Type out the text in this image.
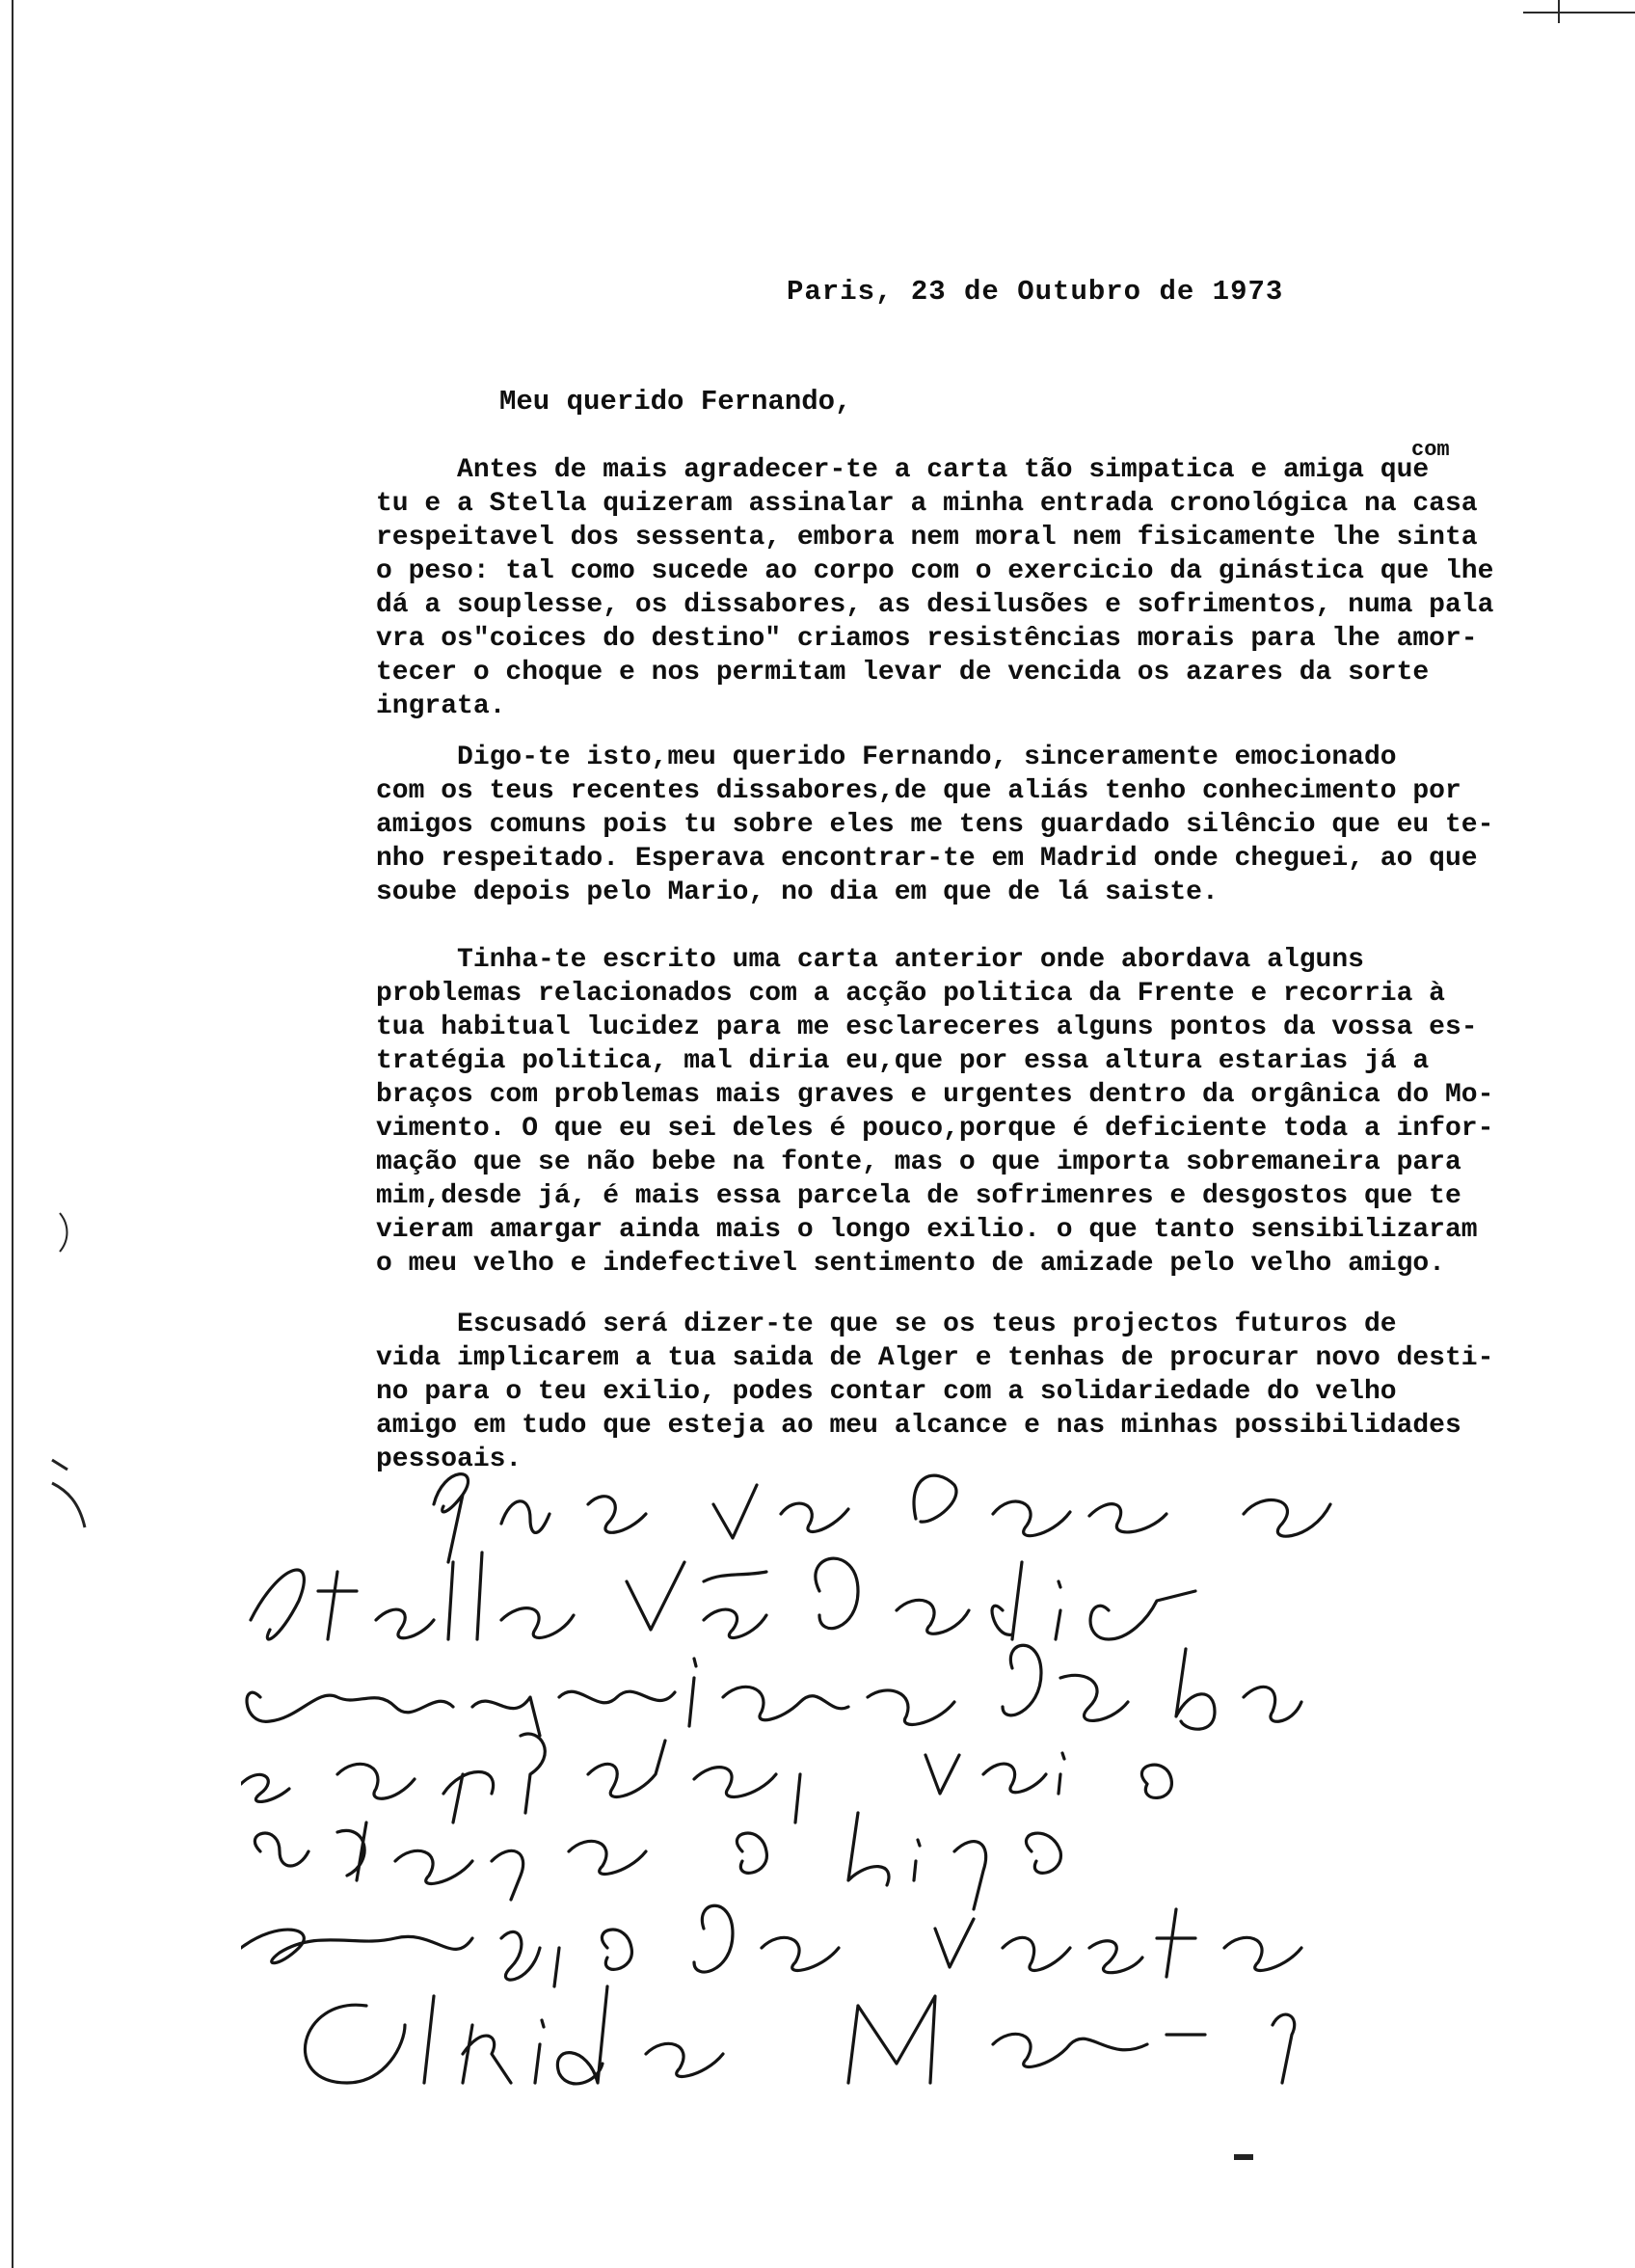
Paris, 23 de Outubro de 1973
Meu querido Fernando,
com
Antes de mais agradecer-te a carta tão simpatica e amiga que
tu e a Stella quizeram assinalar a minha entrada cronológica na casa
respeitavel dos sessenta, embora nem moral nem fisicamente lhe sinta
o peso: tal como sucede ao corpo com o exercicio da ginástica que lhe
dá a souplesse, os dissabores, as desilusões e sofrimentos, numa pala
vra os"coices do destino" criamos resistências morais para lhe amor-
tecer o choque e nos permitam levar de vencida os azares da sorte
ingrata.
Digo-te isto,meu querido Fernando, sinceramente emocionado
com os teus recentes dissabores,de que aliás tenho conhecimento por
amigos comuns pois tu sobre eles me tens guardado silêncio que eu te-
nho respeitado. Esperava encontrar-te em Madrid onde cheguei, ao que
soube depois pelo Mario, no dia em que de lá saiste.
Tinha-te escrito uma carta anterior onde abordava alguns
problemas relacionados com a acção politica da Frente e recorria à
tua habitual lucidez para me esclareceres alguns pontos da vossa es-
tratégia politica, mal diria eu,que por essa altura estarias já a
braços com problemas mais graves e urgentes dentro da orgânica do Mo-
vimento. O que eu sei deles é pouco,porque é deficiente toda a infor-
mação que se não bebe na fonte, mas o que importa sobremaneira para
mim,desde já, é mais essa parcela de sofrimenres e desgostos que te
vieram amargar ainda mais o longo exilio. o que tanto sensibilizaram
o meu velho e indefectivel sentimento de amizade pelo velho amigo.
Escusadó será dizer-te que se os teus projectos futuros de
vida implicarem a tua saida de Alger e tenhas de procurar novo desti-
no para o teu exilio, podes contar com a solidariedade do velho
amigo em tudo que esteja ao meu alcance e nas minhas possibilidades
pessoais.
